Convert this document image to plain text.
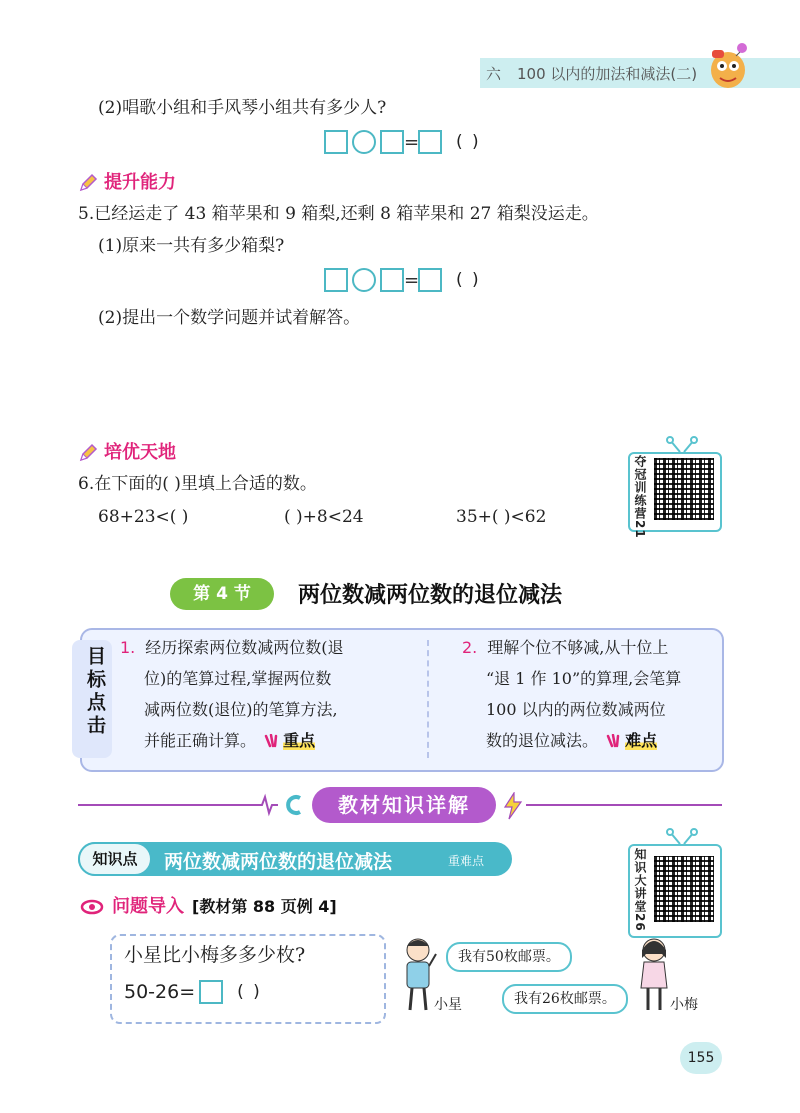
六 100 以内的加法和减法(二)
(2)唱歌小组和手风琴小组共有多少人?
= ( )
提升能力
5.已经运走了 43 箱苹果和 9 箱梨,还剩 8 箱苹果和 27 箱梨没运走。
(1)原来一共有多少箱梨?
= ( )
(2)提出一个数学问题并试着解答。
培优天地
6.在下面的( )里填上合适的数。
68+23<( )	( )+8<24	35+( )<62	夺冠训练营21
第 4 节	两位数减两位数的退位减法
目标点击 1. 经历探索两位数减两位数(退
位)的笔算过程,掌握两位数
减两位数(退位)的笔算方法,
并能正确计算。 重点
2. 理解个位不够减,从十位上
“退 1 作 10”的算理,会笔算
100 以内的两位数减两位
数的退位减法。 难点
教材知识详解
知识点	两位数减两位数的退位减法	重难点	知识大讲堂26
问题导入 [教材第 88 页例 4]
小星比小梅多多少枚?
50-26= ( )
我有50枚邮票。
小星	我有26枚邮票。	小梅
155
